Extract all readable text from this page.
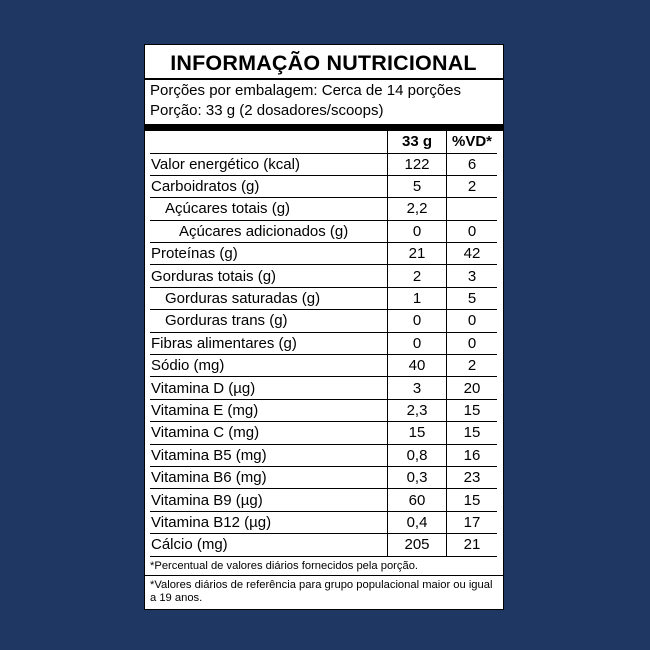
INFORMAÇÃO NUTRICIONAL
Porções por embalagem: Cerca de 14 porções
Porção: 33 g (2 dosadores/scoops)
	33 g	%VD*
Valor energético (kcal)	122	6
Carboidratos (g)	5	2
Açúcares totais (g)	2,2	
Açúcares adicionados (g)	0	0
Proteínas (g)	21	42
Gorduras totais (g)	2	3
Gorduras saturadas (g)	1	5
Gorduras trans (g)	0	0
Fibras alimentares (g)	0	0
Sódio (mg)	40	2
Vitamina D (µg)	3	20
Vitamina E (mg)	2,3	15
Vitamina C (mg)	15	15
Vitamina B5 (mg)	0,8	16
Vitamina B6 (mg)	0,3	23
Vitamina B9 (µg)	60	15
Vitamina B12 (µg)	0,4	17
Cálcio (mg)	205	21
*Percentual de valores diários fornecidos pela porção.
*Valores diários de referência para grupo populacional maior ou igual a 19 anos.
